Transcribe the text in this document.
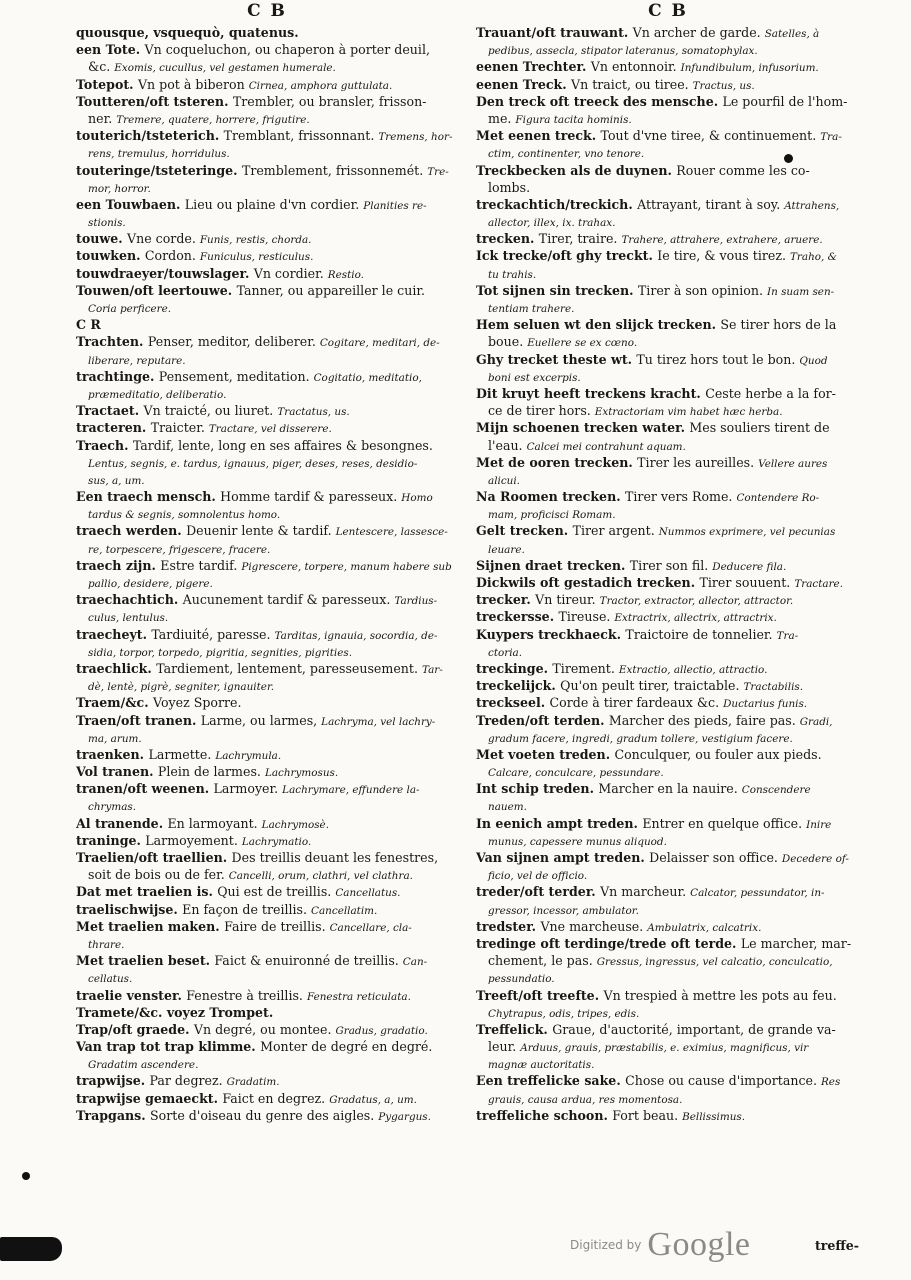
C B
quousque, vsquequò, quatenus.
een Tote. Vn coqueluchon, ou chaperon à porter deuil,
&c. Exomis, cucullus, vel gestamen humerale.
Totepot. Vn pot à biberon Cirnea, amphora guttulata.
Toutteren/oft tsteren. Trembler, ou bransler, frisson-
ner. Tremere, quatere, horrere, frigutire.
touterich/tsteterich. Tremblant, frissonnant. Tremens, hor-
rens, tremulus, horridulus.
touteringe/tsteteringe. Tremblement, frissonnemét. Tre-
mor, horror.
een Touwbaen. Lieu ou plaine d'vn cordier. Planities re-
stionis.
touwe. Vne corde. Funis, restis, chorda.
touwken. Cordon. Funiculus, resticulus.
touwdraeyer/touwslager. Vn cordier. Restio.
Touwen/oft leertouwe. Tanner, ou appareiller le cuir.
Coria perficere.
C R
Trachten. Penser, meditor, deliberer. Cogitare, meditari, de-
liberare, reputare.
trachtinge. Pensement, meditation. Cogitatio, meditatio,
præmeditatio, deliberatio.
Tractaet. Vn traicté, ou liuret. Tractatus, us.
tracteren. Traicter. Tractare, vel disserere.
Traech. Tardif, lente, long en ses affaires & besongnes.
Lentus, segnis, e. tardus, ignauus, piger, deses, reses, desidio-
sus, a, um.
Een traech mensch. Homme tardif & paresseux. Homo
tardus & segnis, somnolentus homo.
traech werden. Deuenir lente & tardif. Lentescere, lassesce-
re, torpescere, frigescere, fracere.
traech zijn. Estre tardif. Pigrescere, torpere, manum habere sub
pallio, desidere, pigere.
traechachtich. Aucunement tardif & paresseux. Tardius-
culus, lentulus.
traecheyt. Tardiuité, paresse. Tarditas, ignauia, socordia, de-
sidia, torpor, torpedo, pigritia, segnities, pigrities.
traechlick. Tardiement, lentement, paresseusement. Tar-
dè, lentè, pigrè, segniter, ignauiter.
Traem/&c. Voyez Sporre.
Traen/oft tranen. Larme, ou larmes, Lachryma, vel lachry-
ma, arum.
traenken. Larmette. Lachrymula.
Vol tranen. Plein de larmes. Lachrymosus.
tranen/oft weenen. Larmoyer. Lachrymare, effundere la-
chrymas.
Al tranende. En larmoyant. Lachrymosè.
traninge. Larmoyement. Lachrymatio.
Traelien/oft traellien. Des treillis deuant les fenestres,
soit de bois ou de fer. Cancelli, orum, clathri, vel clathra.
Dat met traelien is. Qui est de treillis. Cancellatus.
traelischwijse. En façon de treillis. Cancellatim.
Met traelien maken. Faire de treillis. Cancellare, cla-
thrare.
Met traelien beset. Faict & enuironné de treillis. Can-
cellatus.
traelie venster. Fenestre à treillis. Fenestra reticulata.
Tramete/&c. voyez Trompet.
Trap/oft graede. Vn degré, ou montee. Gradus, gradatio.
Van trap tot trap klimme. Monter de degré en degré.
Gradatim ascendere.
trapwijse. Par degrez. Gradatim.
trapwijse gemaeckt. Faict en degrez. Gradatus, a, um.
Trapgans. Sorte d'oiseau du genre des aigles. Pygargus.
C B
Trauant/oft trauwant. Vn archer de garde. Satelles, à
pedibus, assecla, stipator lateranus, somatophylax.
eenen Trechter. Vn entonnoir. Infundibulum, infusorium.
eenen Treck. Vn traict, ou tiree. Tractus, us.
Den treck oft treeck des mensche. Le pourfil de l'hom-
me. Figura tacita hominis.
Met eenen treck. Tout d'vne tiree, & continuement. Tra-
ctim, continenter, vno tenore.
Treckbecken als de duynen. Rouer comme les co-
lombs.
treckachtich/treckich. Attrayant, tirant à soy. Attrahens,
allector, illex, ix. trahax.
trecken. Tirer, traire. Trahere, attrahere, extrahere, aruere.
Ick trecke/oft ghy treckt. Ie tire, & vous tirez. Traho, &
tu trahis.
Tot sijnen sin trecken. Tirer à son opinion. In suam sen-
tentiam trahere.
Hem seluen wt den slijck trecken. Se tirer hors de la
boue. Euellere se ex cœno.
Ghy trecket theste wt. Tu tirez hors tout le bon. Quod
boni est excerpis.
Dit kruyt heeft treckens kracht. Ceste herbe a la for-
ce de tirer hors. Extractoriam vim habet hæc herba.
Mijn schoenen trecken water. Mes souliers tirent de
l'eau. Calcei mei contrahunt aquam.
Met de ooren trecken. Tirer les aureilles. Vellere aures
alicui.
Na Roomen trecken. Tirer vers Rome. Contendere Ro-
mam, proficisci Romam.
Gelt trecken. Tirer argent. Nummos exprimere, vel pecunias
leuare.
Sijnen draet trecken. Tirer son fil. Deducere fila.
Dickwils oft gestadich trecken. Tirer souuent. Tractare.
trecker. Vn tireur. Tractor, extractor, allector, attractor.
treckersse. Tireuse. Extractrix, allectrix, attractrix.
Kuypers treckhaeck. Traictoire de tonnelier. Tra-
ctoria.
treckinge. Tirement. Extractio, allectio, attractio.
treckelijck. Qu'on peult tirer, traictable. Tractabilis.
treckseel. Corde à tirer fardeaux &c. Ductarius funis.
Treden/oft terden. Marcher des pieds, faire pas. Gradi,
gradum facere, ingredi, gradum tollere, vestigium facere.
Met voeten treden. Conculquer, ou fouler aux pieds.
Calcare, conculcare, pessundare.
Int schip treden. Marcher en la nauire. Conscendere
nauem.
In eenich ampt treden. Entrer en quelque office. Inire
munus, capessere munus aliquod.
Van sijnen ampt treden. Delaisser son office. Decedere of-
ficio, vel de officio.
treder/oft terder. Vn marcheur. Calcator, pessundator, in-
gressor, incessor, ambulator.
tredster. Vne marcheuse. Ambulatrix, calcatrix.
tredinge oft terdinge/trede oft terde. Le marcher, mar-
chement, le pas. Gressus, ingressus, vel calcatio, conculcatio,
pessundatio.
Treeft/oft treefte. Vn trespied à mettre les pots au feu.
Chytrapus, odis, tripes, edis.
Treffelick. Graue, d'auctorité, important, de grande va-
leur. Arduus, grauis, præstabilis, e. eximius, magnificus, vir
magnæ auctoritatis.
Een treffelicke sake. Chose ou cause d'importance. Res
grauis, causa ardua, res momentosa.
treffeliche schoon. Fort beau. Bellissimus.
treffe-
$^{Digitized by}$ Google
